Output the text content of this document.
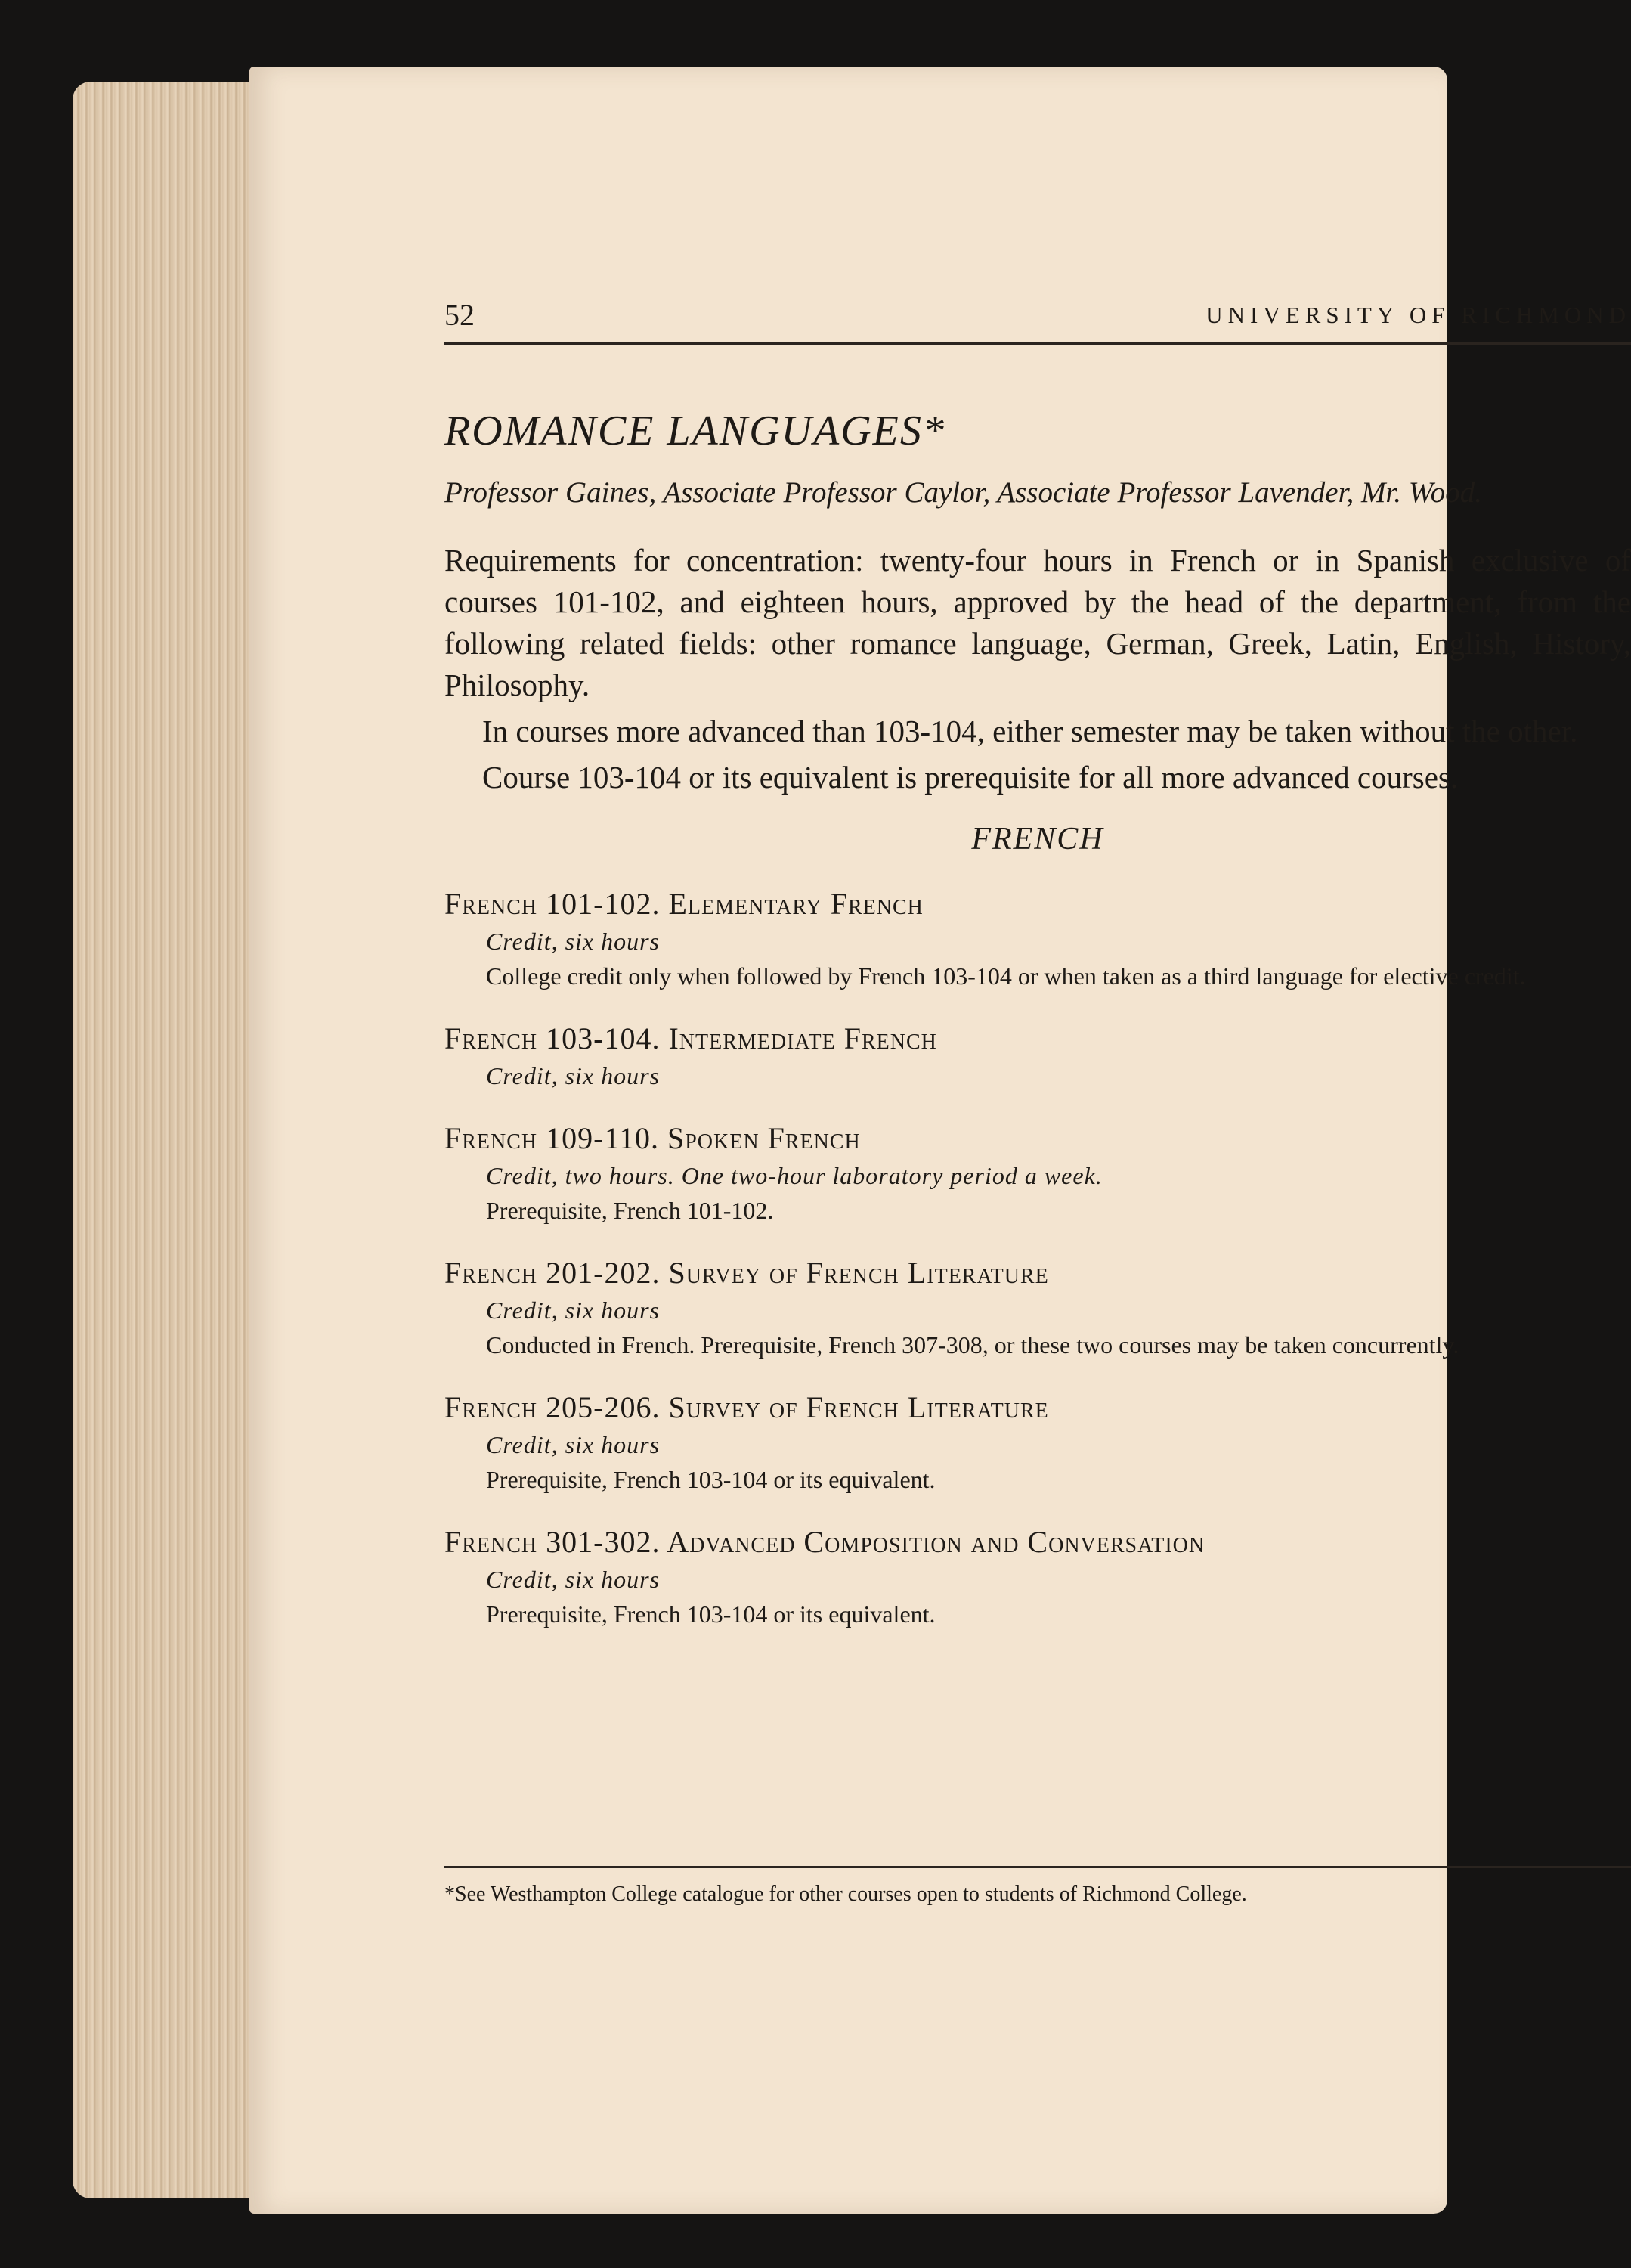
52	UNIVERSITY OF RICHMOND
ROMANCE LANGUAGES*
Professor Gaines, Associate Professor Caylor, Associate Professor Lavender, Mr. Wood.

Requirements for concentration: twenty-four hours in French or in Spanish exclusive of courses 101-102, and eighteen hours, approved by the head of the department, from the following related fields: other romance language, German, Greek, Latin, English, History, Philosophy.

In courses more advanced than 103-104, either semester may be taken without the other.

Course 103-104 or its equivalent is prerequisite for all more advanced courses.

FRENCH
French 101-102. Elementary French
Credit, six hours
College credit only when followed by French 103-104 or when taken as a third language for elective credit.
French 103-104. Intermediate French
Credit, six hours
French 109-110. Spoken French
Credit, two hours. One two-hour laboratory period a week.
Prerequisite, French 101-102.
French 201-202. Survey of French Literature
Credit, six hours
Conducted in French. Prerequisite, French 307-308, or these two courses may be taken concurrently.
French 205-206. Survey of French Literature
Credit, six hours
Prerequisite, French 103-104 or its equivalent.
French 301-302. Advanced Composition and Conversation
Credit, six hours
Prerequisite, French 103-104 or its equivalent.
*See Westhampton College catalogue for other courses open to students of Richmond College.
